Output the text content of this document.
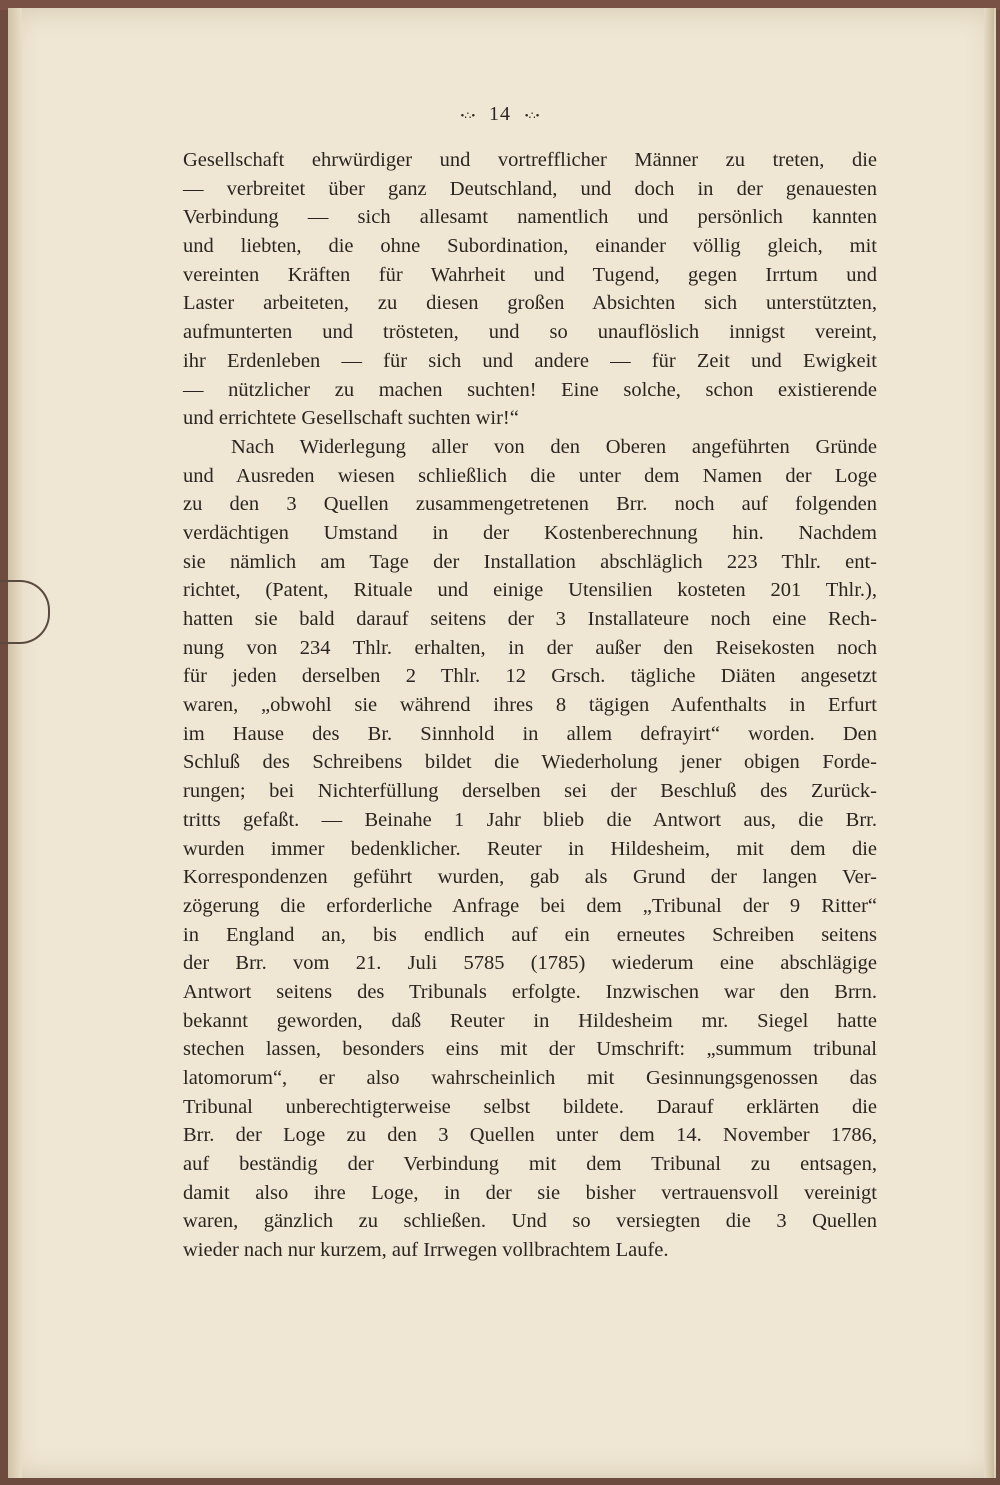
•∴• 14 •∴•
Gesellschaft ehrwürdiger und vortrefflicher Männer zu treten, die
— verbreitet über ganz Deutschland, und doch in der genauesten
Verbindung — sich allesamt namentlich und persönlich kannten
und liebten, die ohne Subordination, einander völlig gleich, mit
vereinten Kräften für Wahrheit und Tugend, gegen Irrtum und
Laster arbeiteten, zu diesen großen Absichten sich unterstützten,
aufmunterten und trösteten, und so unauflöslich innigst vereint,
ihr Erdenleben — für sich und andere — für Zeit und Ewigkeit
— nützlicher zu machen suchten! Eine solche, schon existierende
und errichtete Gesellschaft suchten wir!“
Nach Widerlegung aller von den Oberen angeführten Gründe
und Ausreden wiesen schließlich die unter dem Namen der Loge
zu den 3 Quellen zusammengetretenen Brr. noch auf folgenden
verdächtigen Umstand in der Kostenberechnung hin. Nachdem
sie nämlich am Tage der Installation abschläglich 223 Thlr. ent-
richtet, (Patent, Rituale und einige Utensilien kosteten 201 Thlr.),
hatten sie bald darauf seitens der 3 Installateure noch eine Rech-
nung von 234 Thlr. erhalten, in der außer den Reisekosten noch
für jeden derselben 2 Thlr. 12 Grsch. tägliche Diäten angesetzt
waren, „obwohl sie während ihres 8 tägigen Aufenthalts in Erfurt
im Hause des Br. Sinnhold in allem defrayirt“ worden. Den
Schluß des Schreibens bildet die Wiederholung jener obigen Forde-
rungen; bei Nichterfüllung derselben sei der Beschluß des Zurück-
tritts gefaßt. — Beinahe 1 Jahr blieb die Antwort aus, die Brr.
wurden immer bedenklicher. Reuter in Hildesheim, mit dem die
Korrespondenzen geführt wurden, gab als Grund der langen Ver-
zögerung die erforderliche Anfrage bei dem „Tribunal der 9 Ritter“
in England an, bis endlich auf ein erneutes Schreiben seitens
der Brr. vom 21. Juli 5785 (1785) wiederum eine abschlägige
Antwort seitens des Tribunals erfolgte. Inzwischen war den Brrn.
bekannt geworden, daß Reuter in Hildesheim mr. Siegel hatte
stechen lassen, besonders eins mit der Umschrift: „summum tribunal
latomorum“, er also wahrscheinlich mit Gesinnungsgenossen das
Tribunal unberechtigterweise selbst bildete. Darauf erklärten die
Brr. der Loge zu den 3 Quellen unter dem 14. November 1786,
auf beständig der Verbindung mit dem Tribunal zu entsagen,
damit also ihre Loge, in der sie bisher vertrauensvoll vereinigt
waren, gänzlich zu schließen. Und so versiegten die 3 Quellen
wieder nach nur kurzem, auf Irrwegen vollbrachtem Laufe.
